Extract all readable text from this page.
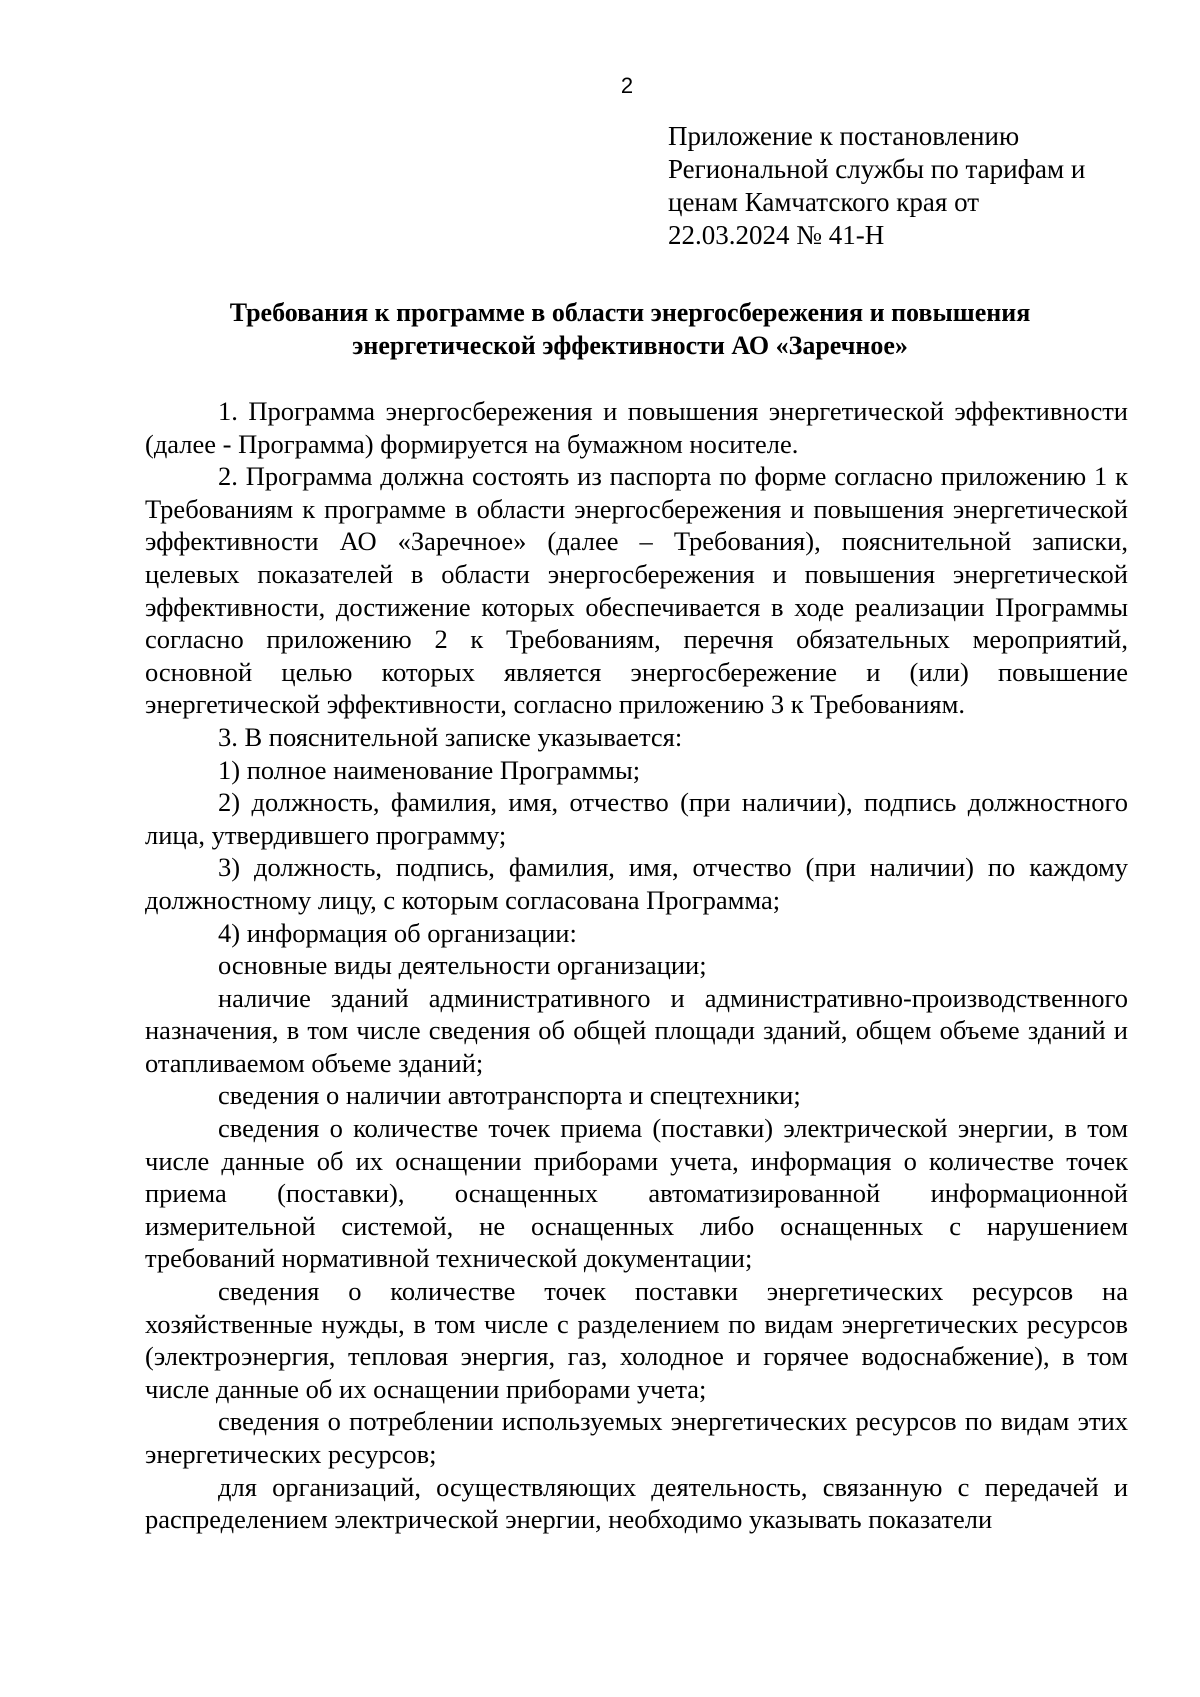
2
Приложение к постановлению
Региональной службы по тарифам и
ценам Камчатского края от
22.03.2024 № 41-Н
Требования к программе в области энергосбережения и повышения
энергетической эффективности АО «Заречное»

1. Программа энергосбережения и повышения энергетической эффективности (далее - Программа) формируется на бумажном носителе.

2. Программа должна состоять из паспорта по форме согласно приложению 1 к Требованиям к программе в области энергосбережения и повышения энергетической эффективности АО «Заречное» (далее – Требования), пояснительной записки, целевых показателей в области энергосбережения и повышения энергетической эффективности, достижение которых обеспечивается в ходе реализации Программы согласно приложению 2 к Требованиям, перечня обязательных мероприятий, основной целью которых является энергосбережение и (или) повышение энергетической эффективности, согласно приложению 3 к Требованиям.

3. В пояснительной записке указывается:

1) полное наименование Программы;

2) должность, фамилия, имя, отчество (при наличии), подпись должностного лица, утвердившего программу;

3) должность, подпись, фамилия, имя, отчество (при наличии) по каждому должностному лицу, с которым согласована Программа;

4) информация об организации:

основные виды деятельности организации;

наличие зданий административного и административно-производственного назначения, в том числе сведения об общей площади зданий, общем объеме зданий и отапливаемом объеме зданий;

сведения о наличии автотранспорта и спецтехники;

сведения о количестве точек приема (поставки) электрической энергии, в том числе данные об их оснащении приборами учета, информация о количестве точек приема (поставки), оснащенных автоматизированной информационной измерительной системой, не оснащенных либо оснащенных с нарушением требований нормативной технической документации;

сведения о количестве точек поставки энергетических ресурсов на хозяйственные нужды, в том числе с разделением по видам энергетических ресурсов (электроэнергия, тепловая энергия, газ, холодное и горячее водоснабжение), в том числе данные об их оснащении приборами учета;

сведения о потреблении используемых энергетических ресурсов по видам этих энергетических ресурсов;

для организаций, осуществляющих деятельность, связанную с передачей и распределением электрической энергии, необходимо указывать показатели
